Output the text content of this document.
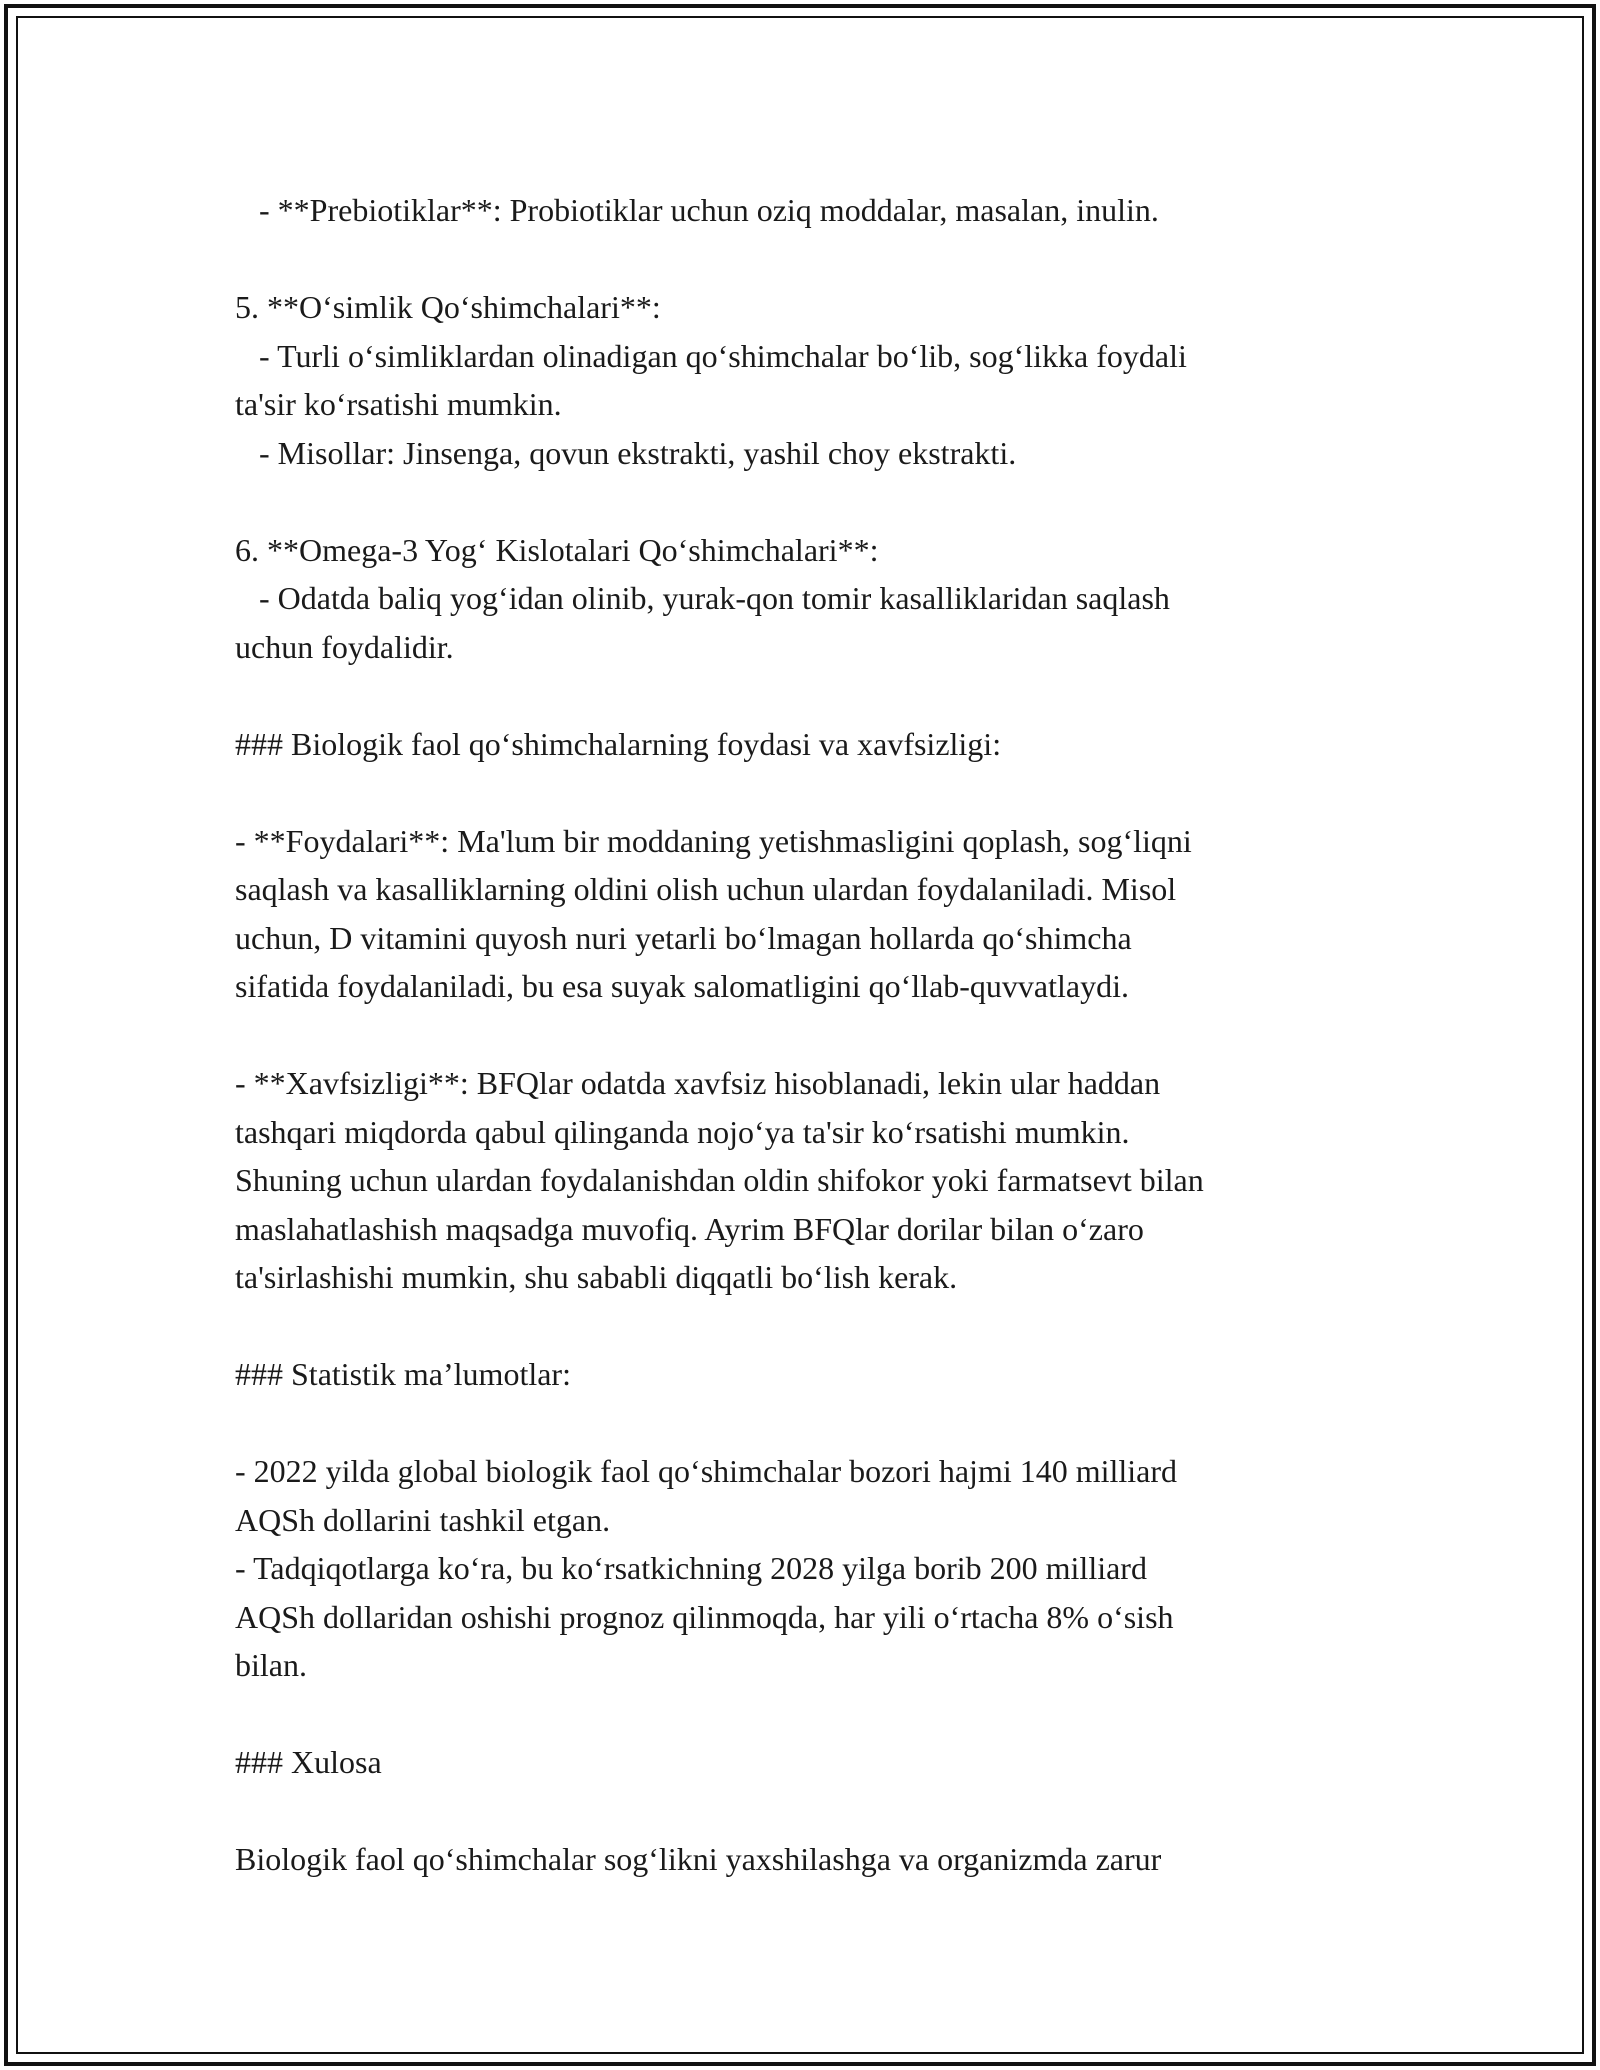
- **Prebiotiklar**: Probiotiklar uchun oziq moddalar, masalan, inulin.
5. **O‘simlik Qo‘shimchalari**:
- Turli o‘simliklardan olinadigan qo‘shimchalar bo‘lib, sog‘likka foydali
ta'sir ko‘rsatishi mumkin.
- Misollar: Jinsenga, qovun ekstrakti, yashil choy ekstrakti.
6. **Omega-3 Yog‘ Kislotalari Qo‘shimchalari**:
- Odatda baliq yog‘idan olinib, yurak-qon tomir kasalliklaridan saqlash
uchun foydalidir.
### Biologik faol qo‘shimchalarning foydasi va xavfsizligi:
- **Foydalari**: Ma'lum bir moddaning yetishmasligini qoplash, sog‘liqni
saqlash va kasalliklarning oldini olish uchun ulardan foydalaniladi. Misol
uchun, D vitamini quyosh nuri yetarli bo‘lmagan hollarda qo‘shimcha
sifatida foydalaniladi, bu esa suyak salomatligini qo‘llab-quvvatlaydi.
- **Xavfsizligi**: BFQlar odatda xavfsiz hisoblanadi, lekin ular haddan
tashqari miqdorda qabul qilinganda nojo‘ya ta'sir ko‘rsatishi mumkin.
Shuning uchun ulardan foydalanishdan oldin shifokor yoki farmatsevt bilan
maslahatlashish maqsadga muvofiq. Ayrim BFQlar dorilar bilan o‘zaro
ta'sirlashishi mumkin, shu sababli diqqatli bo‘lish kerak.
### Statistik ma’lumotlar:
- 2022 yilda global biologik faol qo‘shimchalar bozori hajmi 140 milliard
AQSh dollarini tashkil etgan.
- Tadqiqotlarga ko‘ra, bu ko‘rsatkichning 2028 yilga borib 200 milliard
AQSh dollaridan oshishi prognoz qilinmoqda, har yili o‘rtacha 8% o‘sish
bilan.
### Xulosa
Biologik faol qo‘shimchalar sog‘likni yaxshilashga va organizmda zarur
